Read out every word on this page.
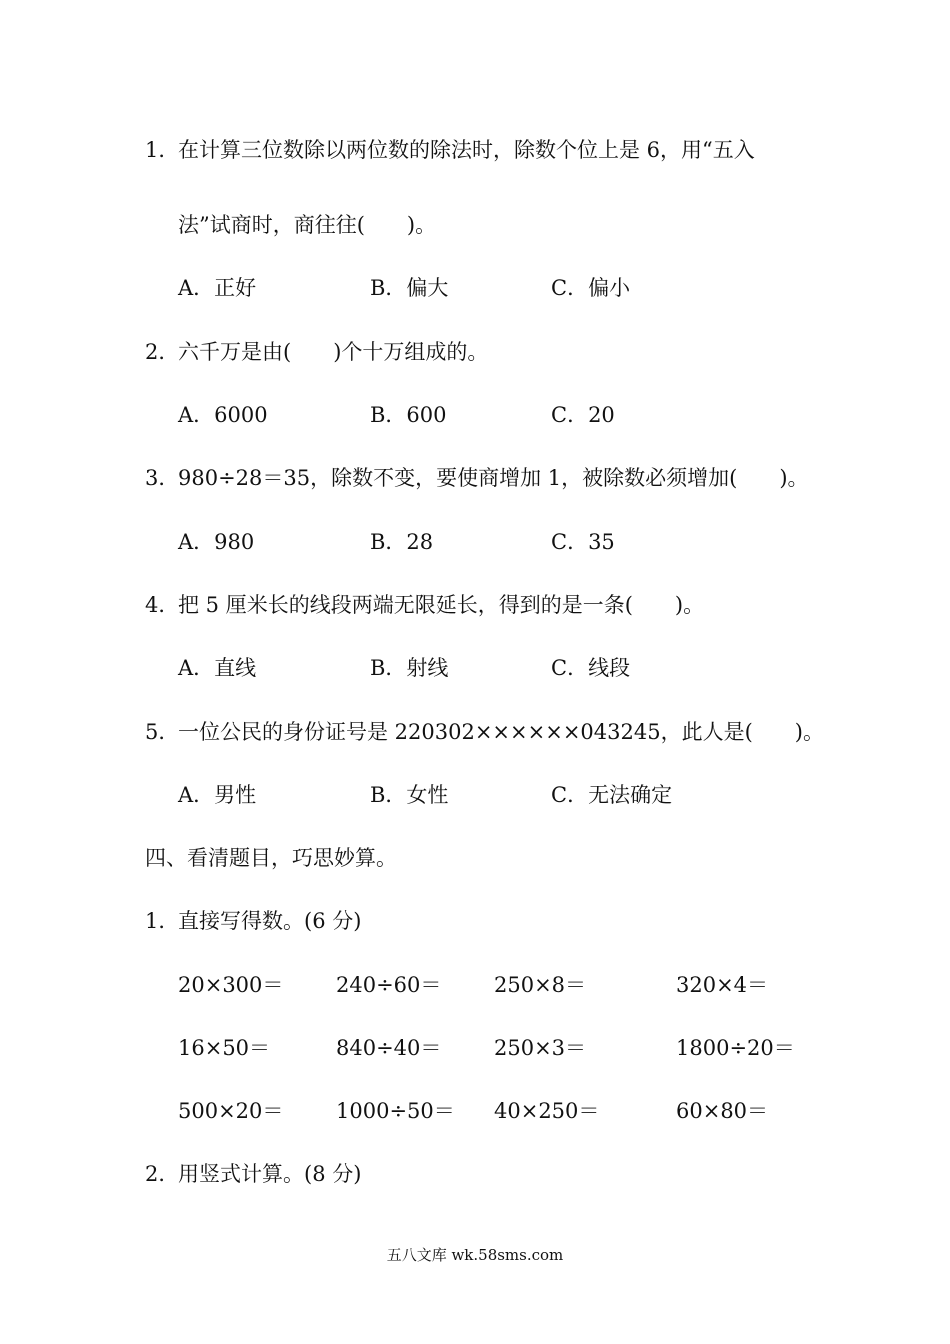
1．
在计算三位数除以两位数的除法时，除数个位上是 6，用“五入
法”试商时，商往往(　　)。
A．正好	B．偏大	C．偏小
2．
六千万是由(　　)个十万组成的。
A．6000	B．600	C．20
3．
980÷28＝35，除数不变，要使商增加 1，被除数必须增加(　　)。
A．980	B．28	C．35
4．
把 5 厘米长的线段两端无限延长，得到的是一条(　　)。
A．直线	B．射线	C．线段
5．
一位公民的身份证号是 220302××××××043245，此人是(　　)。
A．男性	B．女性	C．无法确定
四、看清题目，巧思妙算。
1．
直接写得数。(6 分)
20×300＝	240÷60＝	250×8＝	320×4＝
16×50＝	840÷40＝	250×3＝	1800÷20＝
500×20＝	1000÷50＝ 40×250＝	60×80＝
2．
用竖式计算。(8 分)
五八文库 wk.58sms.com
